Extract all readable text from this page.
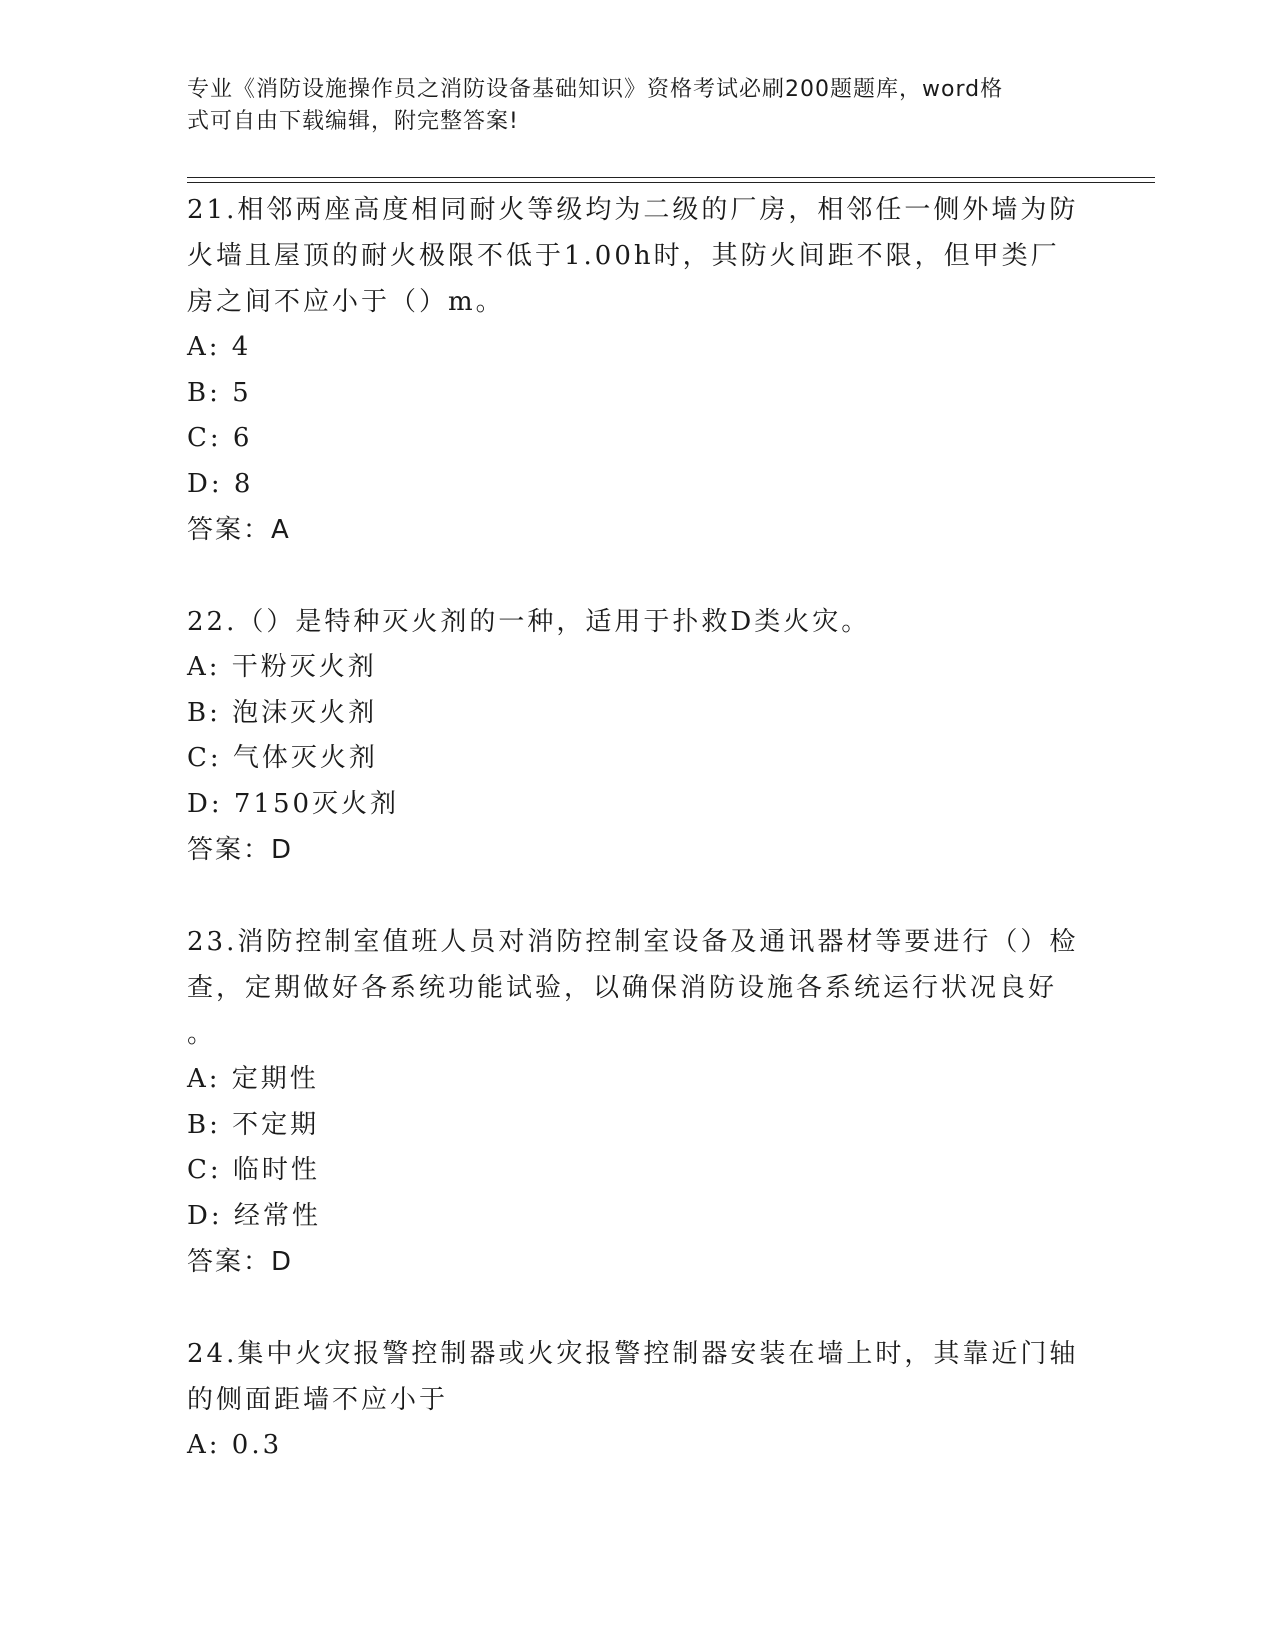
专业《消防设施操作员之消防设备基础知识》资格考试必刷200题题库，word格
式可自由下载编辑，附完整答案!
21.相邻两座高度相同耐火等级均为二级的厂房，相邻任一侧外墙为防
火墙且屋顶的耐火极限不低于1.00h时，其防火间距不限，但甲类厂
房之间不应小于（）m。
A: 4
B: 5
C: 6
D: 8
答案：A
22.（）是特种灭火剂的一种，适用于扑救D类火灾。
A: 干粉灭火剂
B: 泡沫灭火剂
C: 气体灭火剂
D: 7150灭火剂
答案：D
23.消防控制室值班人员对消防控制室设备及通讯器材等要进行（）检
查，定期做好各系统功能试验，以确保消防设施各系统运行状况良好
。
A: 定期性
B: 不定期
C: 临时性
D: 经常性
答案：D
24.集中火灾报警控制器或火灾报警控制器安装在墙上时，其靠近门轴
的侧面距墙不应小于
A: 0.3
